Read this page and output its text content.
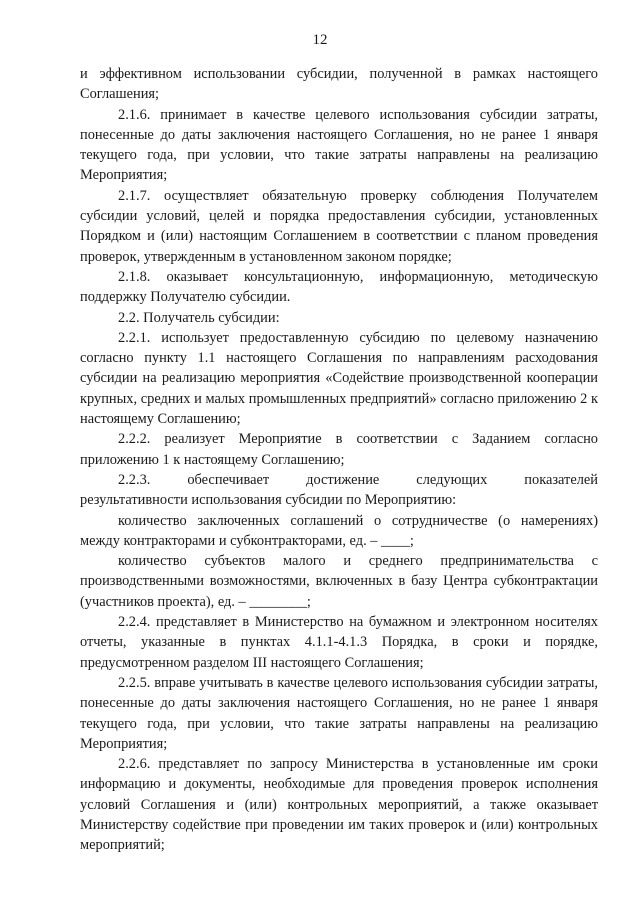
12

и эффективном использовании субсидии, полученной в рамках настоящего Соглашения;

2.1.6. принимает в качестве целевого использования субсидии затраты, понесенные до даты заключения настоящего Соглашения, но не ранее 1 января текущего года, при условии, что такие затраты направлены на реализацию Мероприятия;

2.1.7. осуществляет обязательную проверку соблюдения Получателем субсидии условий, целей и порядка предоставления субсидии, установленных Порядком и (или) настоящим Соглашением в соответствии с планом проведения проверок, утвержденным в установленном законом порядке;

2.1.8. оказывает консультационную, информационную, методическую поддержку Получателю субсидии.

2.2. Получатель субсидии:

2.2.1. использует предоставленную субсидию по целевому назначению согласно пункту 1.1 настоящего Соглашения по направлениям расходования субсидии на реализацию мероприятия «Содействие производственной кооперации крупных, средних и малых промышленных предприятий» согласно приложению 2 к настоящему Соглашению;

2.2.2. реализует Мероприятие в соответствии с Заданием согласно приложению 1 к настоящему Соглашению;

2.2.3. обеспечивает достижение следующих показателей

результативности использования субсидии по Мероприятию:

количество заключенных соглашений о сотрудничестве (о намерениях) между контракторами и субконтракторами, ед. – ____;

количество субъектов малого и среднего предпринимательства с производственными возможностями, включенных в базу Центра субконтрактации (участников проекта), ед. – ________;

2.2.4. представляет в Министерство на бумажном и электронном носителях отчеты, указанные в пунктах 4.1.1-4.1.3 Порядка, в сроки и порядке, предусмотренном разделом III настоящего Соглашения;

2.2.5. вправе учитывать в качестве целевого использования субсидии затраты, понесенные до даты заключения настоящего Соглашения, но не ранее 1 января текущего года, при условии, что такие затраты направлены на реализацию Мероприятия;

2.2.6. представляет по запросу Министерства в установленные им сроки информацию и документы, необходимые для проведения проверок исполнения условий Соглашения и (или) контрольных мероприятий, а также оказывает Министерству содействие при проведении им таких проверок и (или) контрольных мероприятий;
